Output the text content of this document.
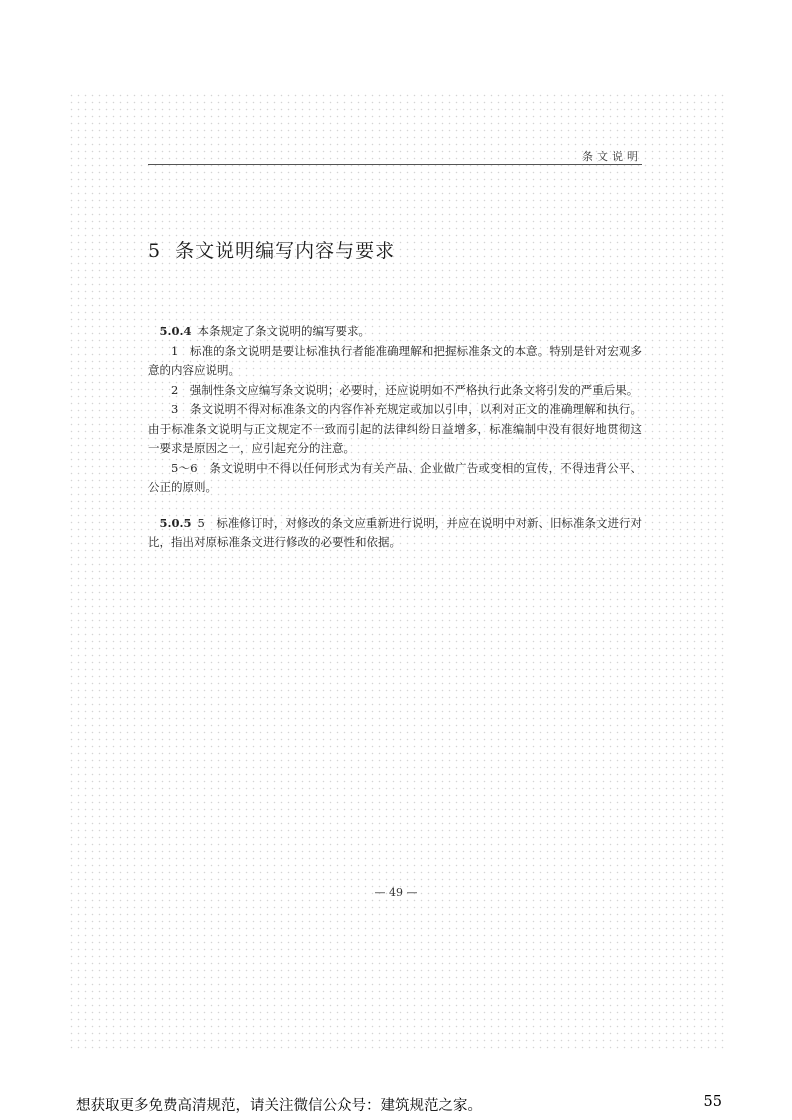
条文说明
5 条文说明编写内容与要求

5.0.4 本条规定了条文说明的编写要求。

1　标准的条文说明是要让标准执行者能准确理解和把握标准条文的本意。特别是针对宏观多意的内容应说明。

2　强制性条文应编写条文说明；必要时，还应说明如不严格执行此条文将引发的严重后果。

3　条文说明不得对标准条文的内容作补充规定或加以引申，以利对正文的准确理解和执行。由于标准条文说明与正文规定不一致而引起的法律纠纷日益增多，标准编制中没有很好地贯彻这一要求是原因之一，应引起充分的注意。

5～6　条文说明中不得以任何形式为有关产品、企业做广告或变相的宣传，不得违背公平、公正的原则。

5.0.5 5　标准修订时，对修改的条文应重新进行说明，并应在说明中对新、旧标准条文进行对比，指出对原标准条文进行修改的必要性和依据。

— 49 —
想获取更多免费高清规范，请关注微信公众号：建筑规范之家。	55
